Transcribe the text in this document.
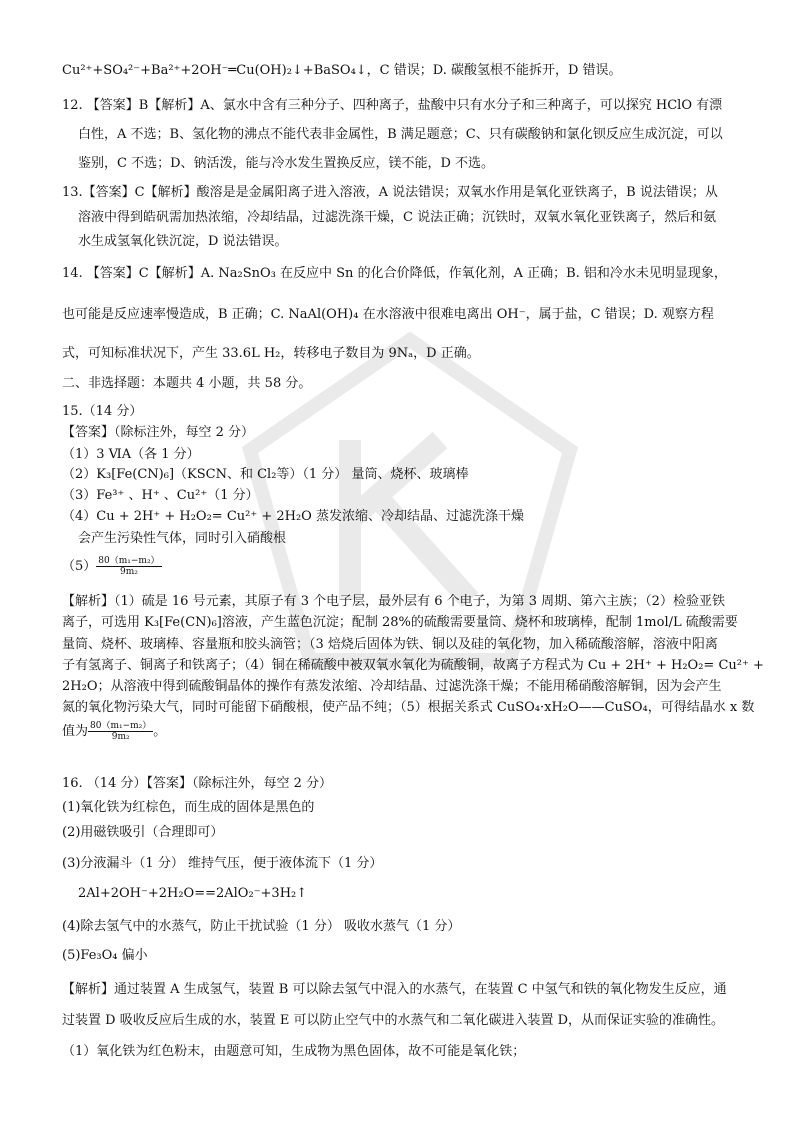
Cu²⁺+SO₄²⁻+Ba²⁺+2OH⁻═Cu(OH)₂↓+BaSO₄↓，C 错误；D. 碳酸氢根不能拆开，D 错误。
12. 【答案】B【解析】A、氯水中含有三种分子、四种离子，盐酸中只有水分子和三种离子，可以探究 HClO 有漂
白性，A 不选；B、氢化物的沸点不能代表非金属性，B 满足题意；C、只有碳酸钠和氯化钡反应生成沉淀，可以
鉴别，C 不选；D、钠活泼，能与冷水发生置换反应，镁不能，D 不选。
13.【答案】C【解析】酸溶是是金属阳离子进入溶液，A 说法错误；双氧水作用是氧化亚铁离子，B 说法错误；从
溶液中得到皓矾需加热浓缩，冷却结晶，过滤洗涤干燥，C 说法正确；沉铁时，双氧水氧化亚铁离子，然后和氨
水生成氢氧化铁沉淀，D 说法错误。
14. 【答案】C【解析】A. Na₂SnO₃ 在反应中 Sn 的化合价降低，作氧化剂，A 正确；B. 铝和冷水未见明显现象，
也可能是反应速率慢造成，B 正确；C. NaAl(OH)₄ 在水溶液中很难电离出 OH⁻，属于盐，C 错误；D. 观察方程
式，可知标准状况下，产生 33.6L H₂，转移电子数目为 9Nₐ，D 正确。
二、非选择题：本题共 4 小题，共 58 分。
15.（14 分）
【答案】（除标注外，每空 2 分）
（1）3 ⅥA（各 1 分）
（2）K₃[Fe(CN)₆]（KSCN、和 Cl₂等）（1 分） 量筒、烧杯、玻璃棒
（3）Fe³⁺ 、H⁺ 、Cu²⁺（1 分）
（4）Cu + 2H⁺ + H₂O₂= Cu²⁺ + 2H₂O 蒸发浓缩、冷却结晶、过滤洗涤干燥
会产生污染性气体，同时引入硝酸根
$(5) \frac{\text{80（m₁−m₂）}}{\text{9m₂}}$
【解析】（1）硫是 16 号元素，其原子有 3 个电子层，最外层有 6 个电子，为第 3 周期、第六主族；（2）检验亚铁
离子，可选用 K₃[Fe(CN)₆]溶液，产生蓝色沉淀；配制 28%的硫酸需要量筒、烧杯和玻璃棒，配制 1mol/L 硫酸需要
量筒、烧杯、玻璃棒、容量瓶和胶头滴管；（3 焙烧后固体为铁、铜以及硅的氧化物，加入稀硫酸溶解，溶液中阳离
子有氢离子、铜离子和铁离子；（4）铜在稀硫酸中被双氧水氧化为硫酸铜，故离子方程式为 Cu + 2H⁺ + H₂O₂= Cu²⁺ +
2H₂O；从溶液中得到硫酸铜晶体的操作有蒸发浓缩、冷却结晶、过滤洗涤干燥；不能用稀硝酸溶解铜，因为会产生
氮的氧化物污染大气，同时可能留下硝酸根，使产品不纯；（5）根据关系式 CuSO₄·xH₂O——CuSO₄，可得结晶水 x 数
值为 $\frac{\text{80（m₁−m₂）}}{\text{9m₂}}$ 。
16. （14 分）【答案】（除标注外，每空 2 分）
(1)氧化铁为红棕色，而生成的固体是黑色的
(2)用磁铁吸引（合理即可）
(3)分液漏斗（1 分） 维持气压，便于液体流下（1 分）
2Al+2OH⁻+2H₂O==2AlO₂⁻+3H₂↑
(4)除去氢气中的水蒸气，防止干扰试验（1 分） 吸收水蒸气（1 分）
(5)Fe₃O₄ 偏小
【解析】通过装置 A 生成氢气，装置 B 可以除去氢气中混入的水蒸气，在装置 C 中氢气和铁的氧化物发生反应，通
过装置 D 吸收反应后生成的水，装置 E 可以防止空气中的水蒸气和二氧化碳进入装置 D，从而保证实验的准确性。
（1）氧化铁为红色粉末，由题意可知，生成物为黑色固体，故不可能是氧化铁；
